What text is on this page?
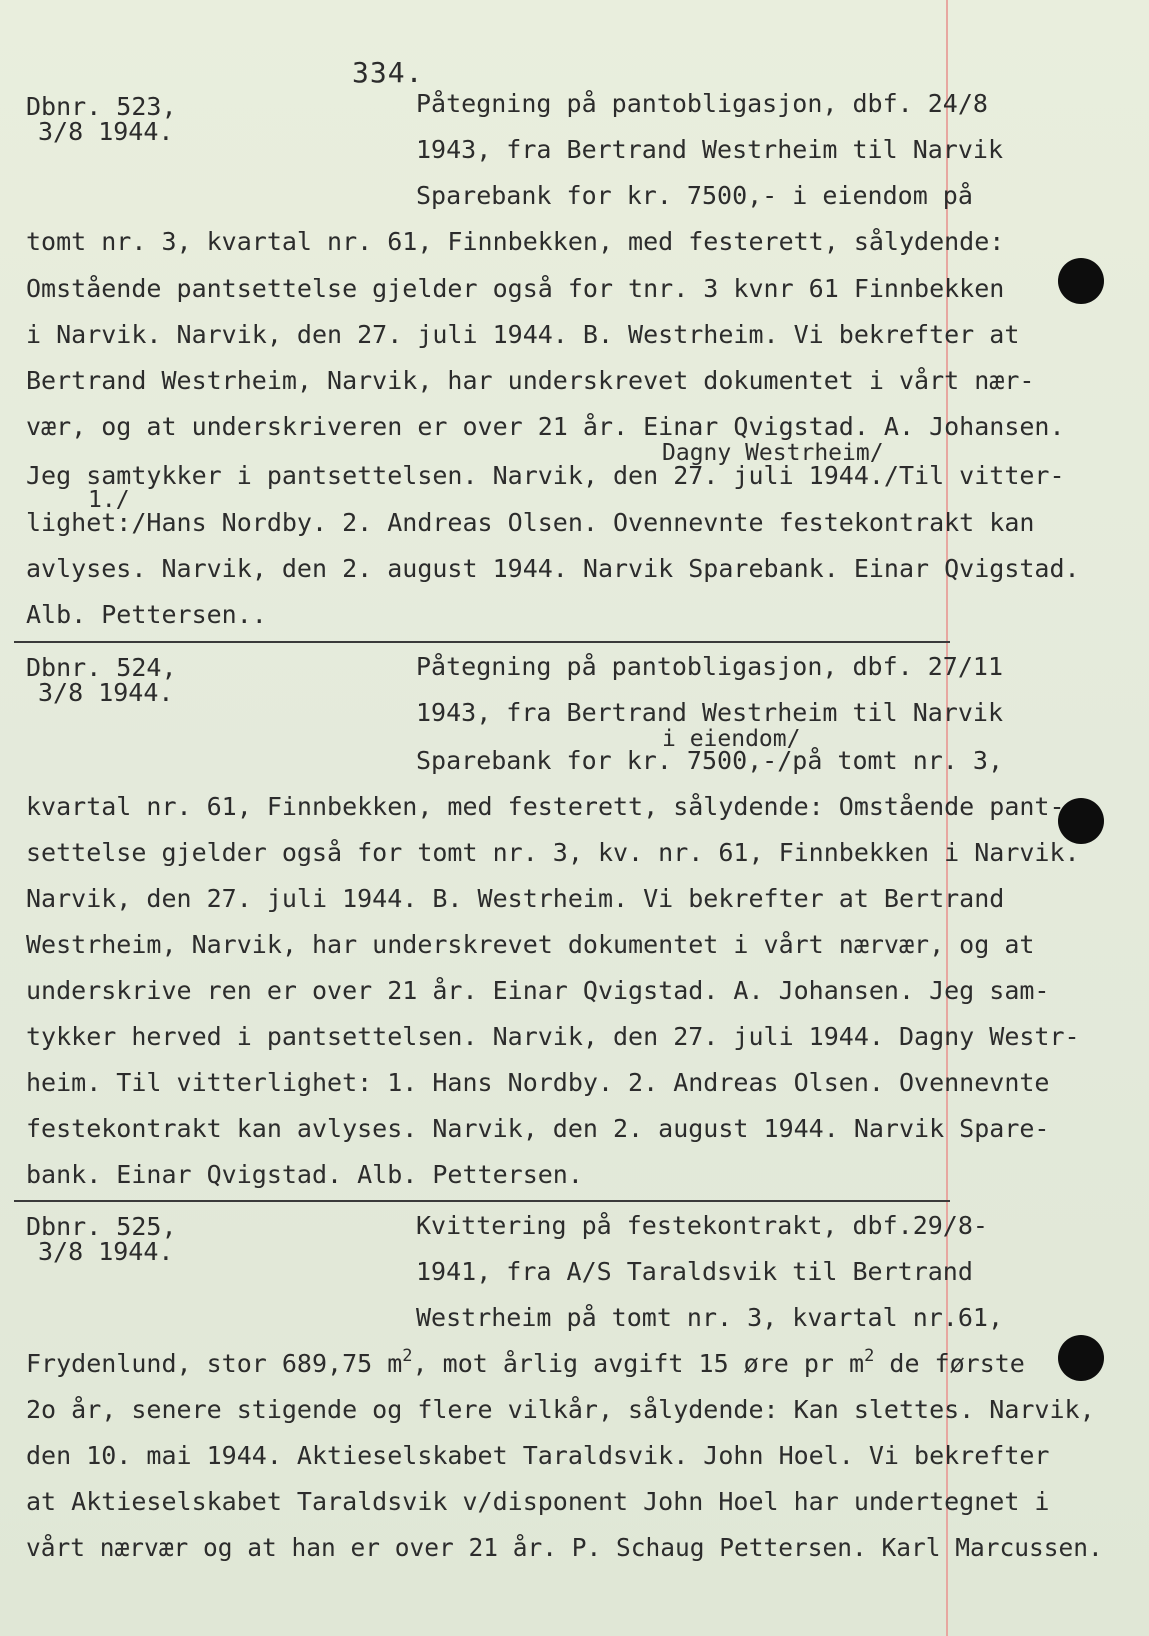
334.
Dbnr. 523,
3/8 1944.
Påtegning på pantobligasjon, dbf. 24/8
1943, fra Bertrand Westrheim til Narvik
Sparebank for kr. 7500,- i eiendom på
tomt nr. 3, kvartal nr. 61, Finnbekken, med festerett, sålydende:
Omstående pantsettelse gjelder også for tnr. 3 kvnr 61 Finnbekken
i Narvik. Narvik, den 27. juli 1944. B. Westrheim. Vi bekrefter at
Bertrand Westrheim, Narvik, har underskrevet dokumentet i vårt nær-
vær, og at underskriveren er over 21 år. Einar Qvigstad. A. Johansen.
Dagny Westrheim/
Jeg samtykker i pantsettelsen. Narvik, den 27. juli 1944./Til vitter-
1./
lighet:/Hans Nordby. 2. Andreas Olsen. Ovennevnte festekontrakt kan
avlyses. Narvik, den 2. august 1944. Narvik Sparebank. Einar Qvigstad.
Alb. Pettersen..
Dbnr. 524,
3/8 1944.
Påtegning på pantobligasjon, dbf. 27/11
1943, fra Bertrand Westrheim til Narvik
i eiendom/
Sparebank for kr. 7500,-/på tomt nr. 3,
kvartal nr. 61, Finnbekken, med festerett, sålydende: Omstående pant-
settelse gjelder også for tomt nr. 3, kv. nr. 61, Finnbekken i Narvik.
Narvik, den 27. juli 1944. B. Westrheim. Vi bekrefter at Bertrand
Westrheim, Narvik, har underskrevet dokumentet i vårt nærvær, og at
underskrive ren er over 21 år. Einar Qvigstad. A. Johansen. Jeg sam-
tykker herved i pantsettelsen. Narvik, den 27. juli 1944. Dagny Westr-
heim. Til vitterlighet: 1. Hans Nordby. 2. Andreas Olsen. Ovennevnte
festekontrakt kan avlyses. Narvik, den 2. august 1944. Narvik Spare-
bank. Einar Qvigstad. Alb. Pettersen.
Dbnr. 525,
3/8 1944.
Kvittering på festekontrakt, dbf.29/8-
1941, fra A/S Taraldsvik til Bertrand
Westrheim på tomt nr. 3, kvartal nr.61,
Frydenlund, stor 689,75 $m^2$, mot årlig avgift 15 øre pr $m^2$ de første
2o år, senere stigende og flere vilkår, sålydende: Kan slettes. Narvik,
den 10. mai 1944. Aktieselskabet Taraldsvik. John Hoel. Vi bekrefter
at Aktieselskabet Taraldsvik v/disponent John Hoel har undertegnet i
vårt nærvær og at han er over 21 år. P. Schaug Pettersen. Karl Marcussen.
